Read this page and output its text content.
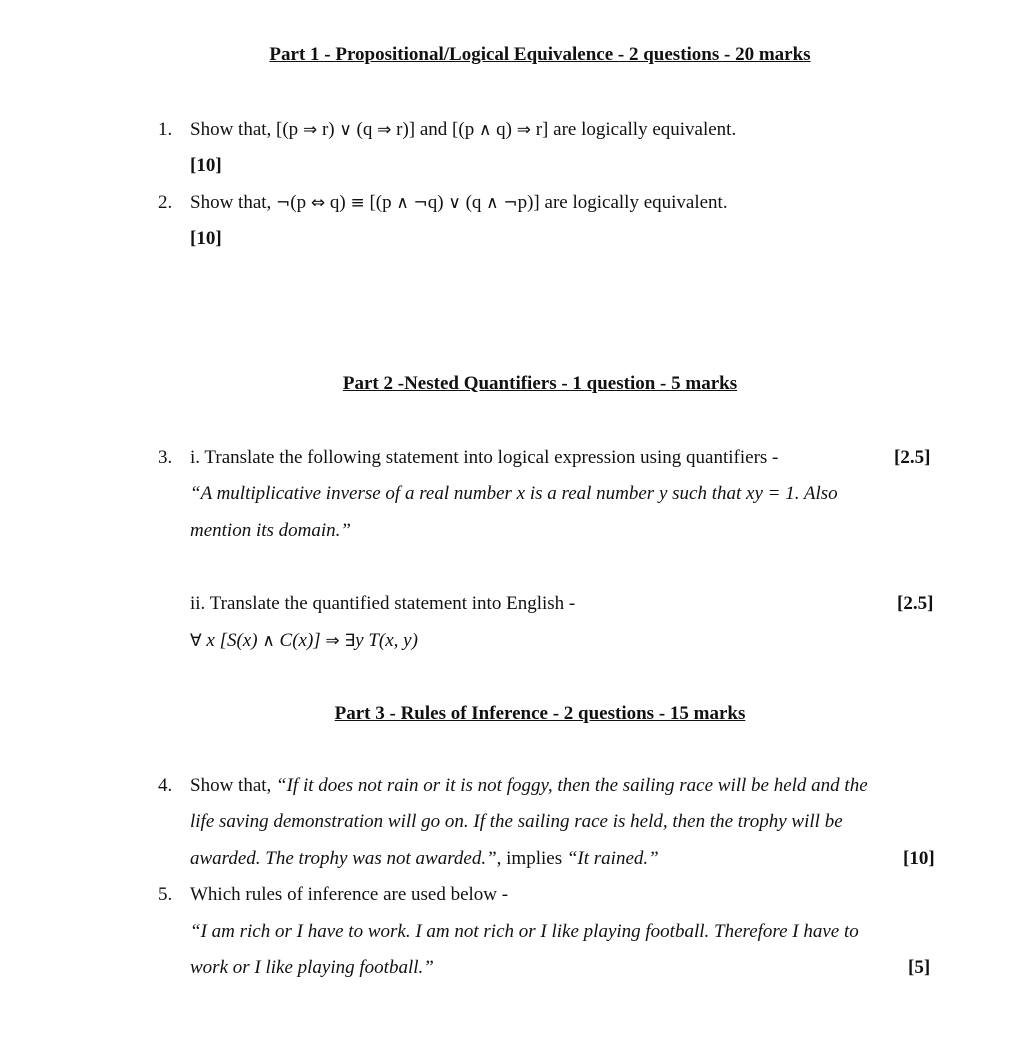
Part 1 - Propositional/Logical Equivalence - 2 questions - 20 marks
1. Show that, [(p ⇒ r) ∨ (q ⇒ r)] and [(p ∧ q) ⇒ r] are logically equivalent.
[10]
2. Show that, ¬(p ⇔ q) ≡ [(p ∧ ¬q) ∨ (q ∧ ¬p)] are logically equivalent.
[10]
Part 2 -Nested Quantifiers - 1 question - 5 marks
3. i. Translate the following statement into logical expression using quantifiers -	[2.5]
“A multiplicative inverse of a real number x is a real number y such that xy = 1. Also
mention its domain.”
ii. Translate the quantified statement into English -	[2.5]
∀ x [S(x) ∧ C(x)] ⇒ ∃y T(x, y)
Part 3 - Rules of Inference - 2 questions - 15 marks
4. Show that, “If it does not rain or it is not foggy, then the sailing race will be held and the
life saving demonstration will go on. If the sailing race is held, then the trophy will be
awarded. The trophy was not awarded.”, implies “It rained.”	[10]
5. Which rules of inference are used below -
“I am rich or I have to work. I am not rich or I like playing football. Therefore I have to
work or I like playing football.”	[5]
